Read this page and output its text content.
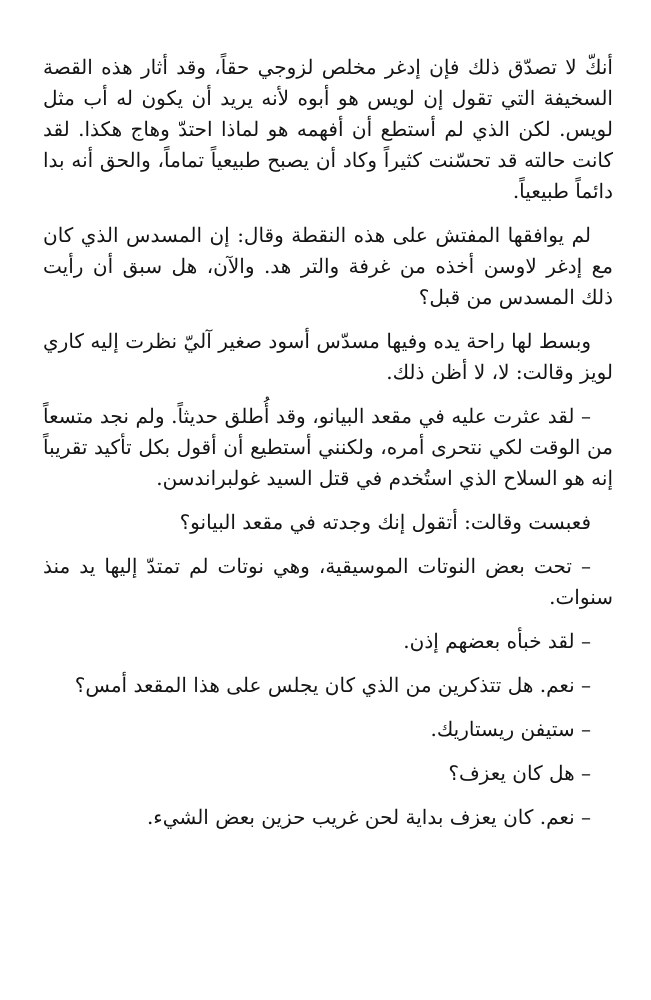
أنكّ لا تصدّق ذلك فإن إدغر مخلص لزوجي حقاً، وقد أثار هذه القصة السخيفة التي تقول إن لويس هو أبوه لأنه يريد أن يكون له أب مثل لويس. لكن الذي لم أستطع أن أفهمه هو لماذا احتدّ وهاج هكذا. لقد كانت حالته قد تحسّنت كثيراً وكاد أن يصبح طبيعياً تماماً، والحق أنه بدا دائماً طبيعياً.

لم يوافقها المفتش على هذه النقطة وقال: إن المسدس الذي كان مع إدغر لاوسن أخذه من غرفة والتر هد. والآن، هل سبق أن رأيت ذلك المسدس من قبل؟

وبسط لها راحة يده وفيها مسدّس أسود صغير آليّ نظرت إليه كاري لويز وقالت: لا، لا أظن ذلك.

– لقد عثرت عليه في مقعد البيانو، وقد أُطلق حديثاً. ولم نجد متسعاً من الوقت لكي نتحرى أمره، ولكنني أستطيع أن أقول بكل تأكيد تقريباً إنه هو السلاح الذي استُخدم في قتل السيد غولبراندسن.

فعبست وقالت: أتقول إنك وجدته في مقعد البيانو؟

– تحت بعض النوتات الموسيقية، وهي نوتات لم تمتدّ إليها يد منذ سنوات.

– لقد خبأه بعضهم إذن.

– نعم. هل تتذكرين من الذي كان يجلس على هذا المقعد أمس؟

– ستيفن ريستاريك.

– هل كان يعزف؟

– نعم. كان يعزف بداية لحن غريب حزين بعض الشيء.
